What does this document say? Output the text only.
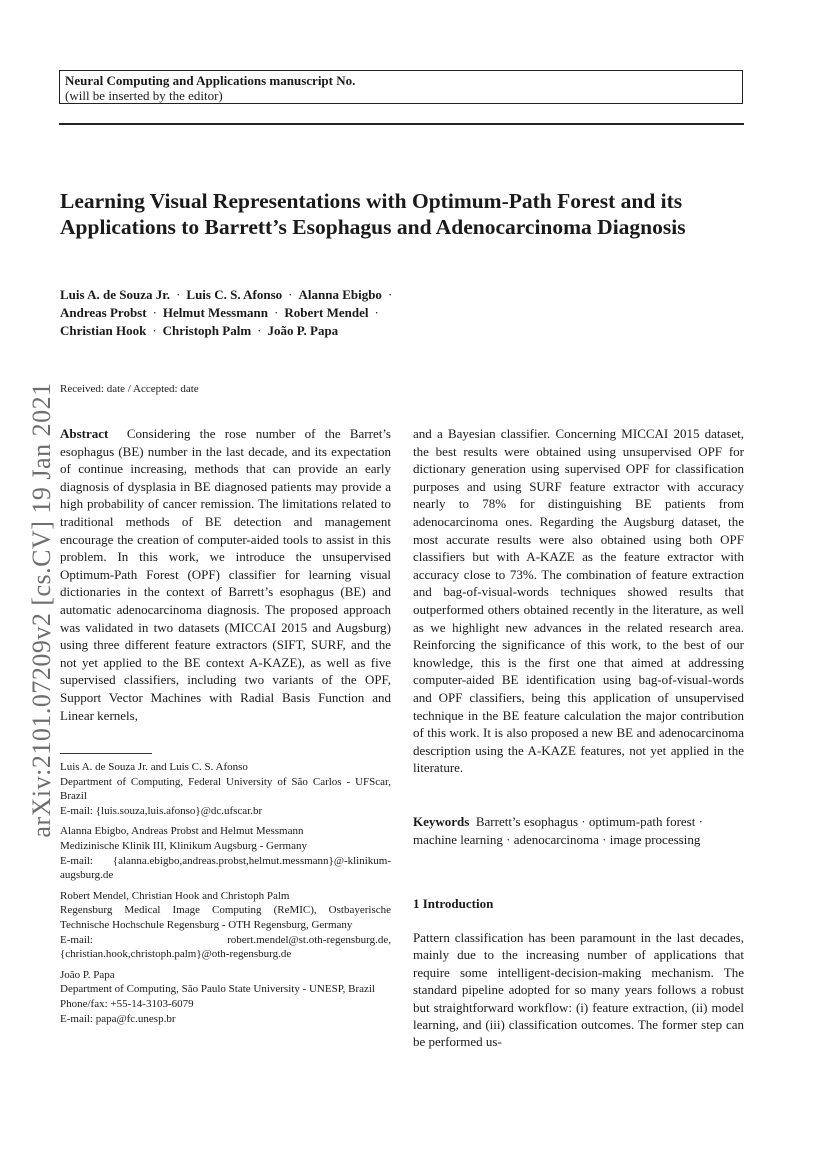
Neural Computing and Applications manuscript No.
(will be inserted by the editor)
Learning Visual Representations with Optimum-Path Forest and its Applications to Barrett’s Esophagus and Adenocarcinoma Diagnosis
Luis A. de Souza Jr. · Luis C. S. Afonso · Alanna Ebigbo ·
Andreas Probst · Helmut Messmann · Robert Mendel ·
Christian Hook · Christoph Palm · João P. Papa
arXiv:2101.07209v2 [cs.CV] 19 Jan 2021 Received: date / Accepted: date

Abstract Considering the rose number of the Barret’s esophagus (BE) number in the last decade, and its expectation of continue increasing, methods that can provide an early diagnosis of dysplasia in BE diagnosed patients may provide a high probability of cancer remission. The limitations related to traditional methods of BE detection and management encourage the creation of computer-aided tools to assist in this problem. In this work, we introduce the unsupervised Optimum-Path Forest (OPF) classifier for learning visual dictionaries in the context of Barrett’s esophagus (BE) and automatic adenocarcinoma diagnosis. The proposed approach was validated in two datasets (MICCAI 2015 and Augsburg) using three different feature extractors (SIFT, SURF, and the not yet applied to the BE context A-KAZE), as well as five supervised classifiers, including two variants of the OPF, Support Vector Machines with Radial Basis Function and Linear kernels,

and a Bayesian classifier. Concerning MICCAI 2015 dataset, the best results were obtained using unsupervised OPF for dictionary generation using supervised OPF for classification purposes and using SURF feature extractor with accuracy nearly to 78% for distinguishing BE patients from adenocarcinoma ones. Regarding the Augsburg dataset, the most accurate results were also obtained using both OPF classifiers but with A-KAZE as the feature extractor with accuracy close to 73%. The combination of feature extraction and bag-of-visual-words techniques showed results that outperformed others obtained recently in the literature, as well as we highlight new advances in the related research area. Reinforcing the significance of this work, to the best of our knowledge, this is the first one that aimed at addressing computer-aided BE identification using bag-of-visual-words and OPF classifiers, being this application of unsupervised technique in the BE feature calculation the major contribution of this work. It is also proposed a new BE and adenocarcinoma description using the A-KAZE features, not yet applied in the literature.

Luis A. de Souza Jr. and Luis C. S. Afonso
Department of Computing, Federal University of São Carlos - UFScar, Brazil
E-mail: {luis.souza,luis.afonso}@dc.ufscar.br
Alanna Ebigbo, Andreas Probst and Helmut Messmann
Medizinische Klinik III, Klinikum Augsburg - Germany
E-mail: {alanna.ebigbo,andreas.probst,helmut.messmann}@-klinikum-augsburg.de
Robert Mendel, Christian Hook and Christoph Palm
Regensburg Medical Image Computing (ReMIC), Ostbayerische Technische Hochschule Regensburg - OTH Regensburg, Germany
E-mail: robert.mendel@st.oth-regensburg.de, {christian.hook,christoph.palm}@oth-regensburg.de
João P. Papa
Department of Computing, São Paulo State University - UNESP, Brazil
Phone/fax: +55-14-3103-6079
E-mail: papa@fc.unesp.br
Keywords Barrett’s esophagus · optimum-path forest · machine learning · adenocarcinoma · image processing
1 Introduction

Pattern classification has been paramount in the last decades, mainly due to the increasing number of applications that require some intelligent-decision-making mechanism. The standard pipeline adopted for so many years follows a robust but straightforward workflow: (i) feature extraction, (ii) model learning, and (iii) classification outcomes. The former step can be performed us-
